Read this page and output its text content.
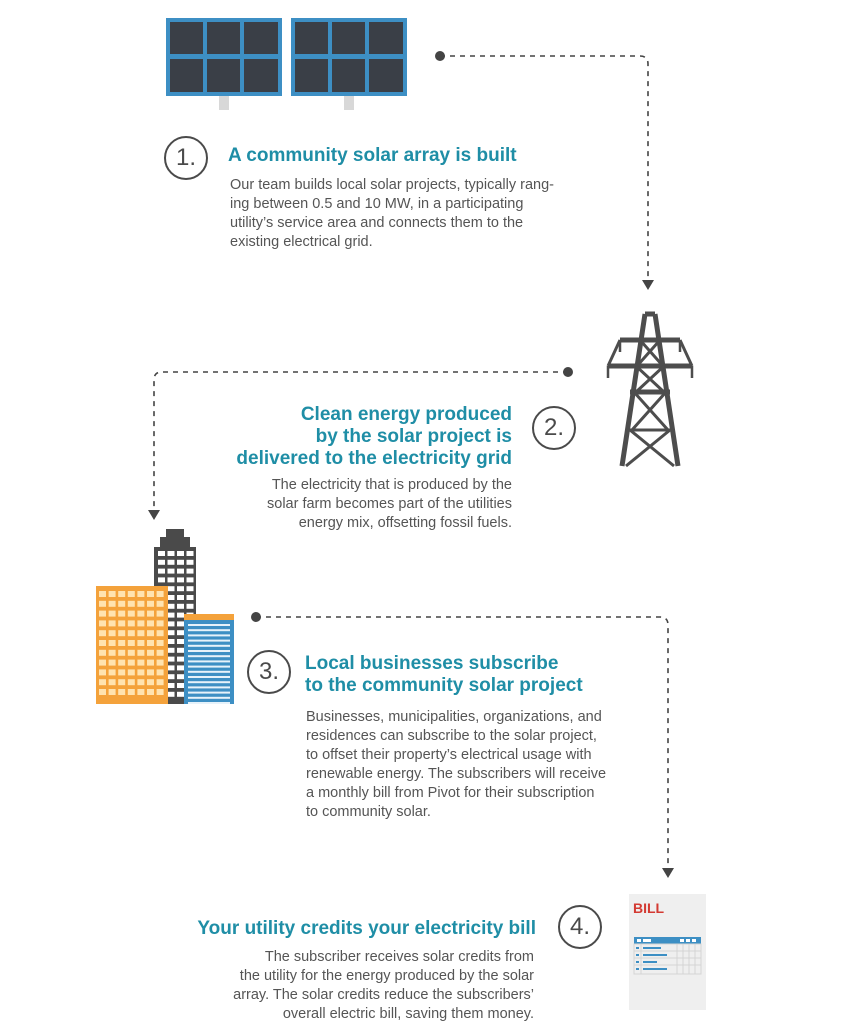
BILL
1.	A community solar array is built
Our team builds local solar projects, typically rang-
ing between 0.5 and 10 MW, in a participating
utility’s service area and connects them to the
existing electrical grid.
2.
Clean energy produced
by the solar project is
delivered to the electricity grid
The electricity that is produced by the
solar farm becomes part of the utilities
energy mix, offsetting fossil fuels.
3.	Local businesses subscribe
to the community solar project
Businesses, municipalities, organizations, and
residences can subscribe to the solar project,
to offset their property’s electrical usage with
renewable energy. The subscribers will receive
a monthly bill from Pivot for their subscription
to community solar.
4.
Your utility credits your electricity bill
The subscriber receives solar credits from
the utility for the energy produced by the solar
array. The solar credits reduce the subscribers’
overall electric bill, saving them money.
